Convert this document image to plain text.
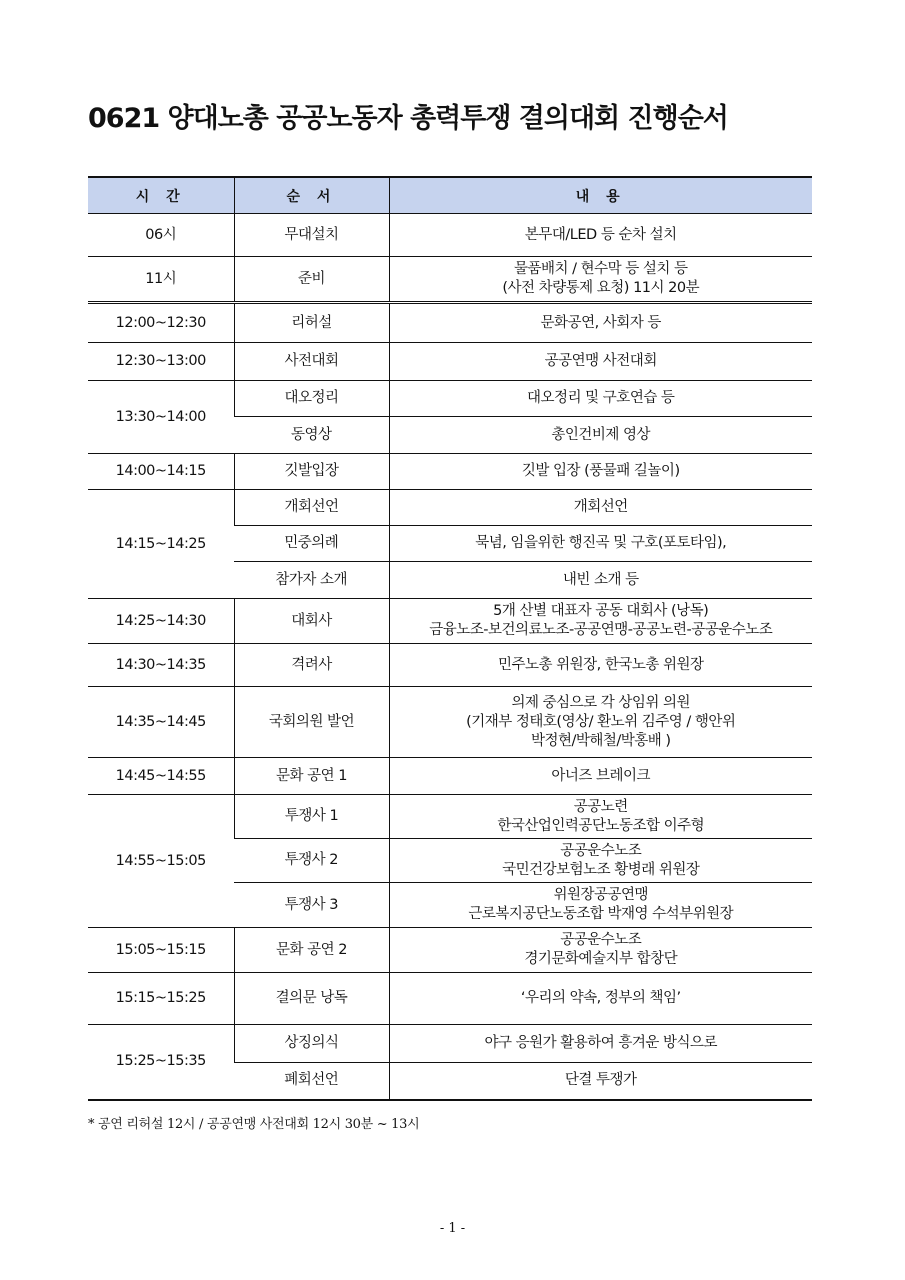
0621 양대노총 공공노동자 총력투쟁 결의대회 진행순서
시 간	순 서	내 용
06시	무대설치	본무대/LED 등 순차 설치
11시	준비	물품배치 / 현수막 등 설치 등
(사전 차량통제 요청) 11시 20분
12:00~12:30	리허설	문화공연, 사회자 등
12:30~13:00	사전대회	공공연맹 사전대회
13:30~14:00	대오정리	대오정리 및 구호연습 등
	동영상	총인건비제 영상
14:00~14:15	깃발입장	깃발 입장 (풍물패 길놀이)
14:15~14:25	개회선언	개회선언
	민중의례	묵념, 임을위한 행진곡 및 구호(포토타임),
	참가자 소개	내빈 소개 등
14:25~14:30	대회사	5개 산별 대표자 공동 대회사 (낭독)
금융노조-보건의료노조-공공연맹-공공노련-공공운수노조
14:30~14:35	격려사	민주노총 위원장, 한국노총 위원장
14:35~14:45	국회의원 발언	의제 중심으로 각 상임위 의원
(기재부 정태호(영상/ 환노위 김주영 / 행안위
박정현/박해철/박홍배 )
14:45~14:55	문화 공연 1	아너즈 브레이크
14:55~15:05	투쟁사 1	공공노련
한국산업인력공단노동조합 이주형
	투쟁사 2	공공운수노조
국민건강보험노조 황병래 위원장
	투쟁사 3	위원장공공연맹
근로복지공단노동조합 박재영 수석부위원장
15:05~15:15	문화 공연 2	공공운수노조
경기문화예술지부 합창단
15:15~15:25	결의문 낭독	‘우리의 약속, 정부의 책임’
15:25~15:35	상징의식	야구 응원가 활용하여 흥겨운 방식으로
	폐회선언	단결 투쟁가
* 공연 리허설 12시 / 공공연맹 사전대회 12시 30분 ~ 13시
- 1 -
